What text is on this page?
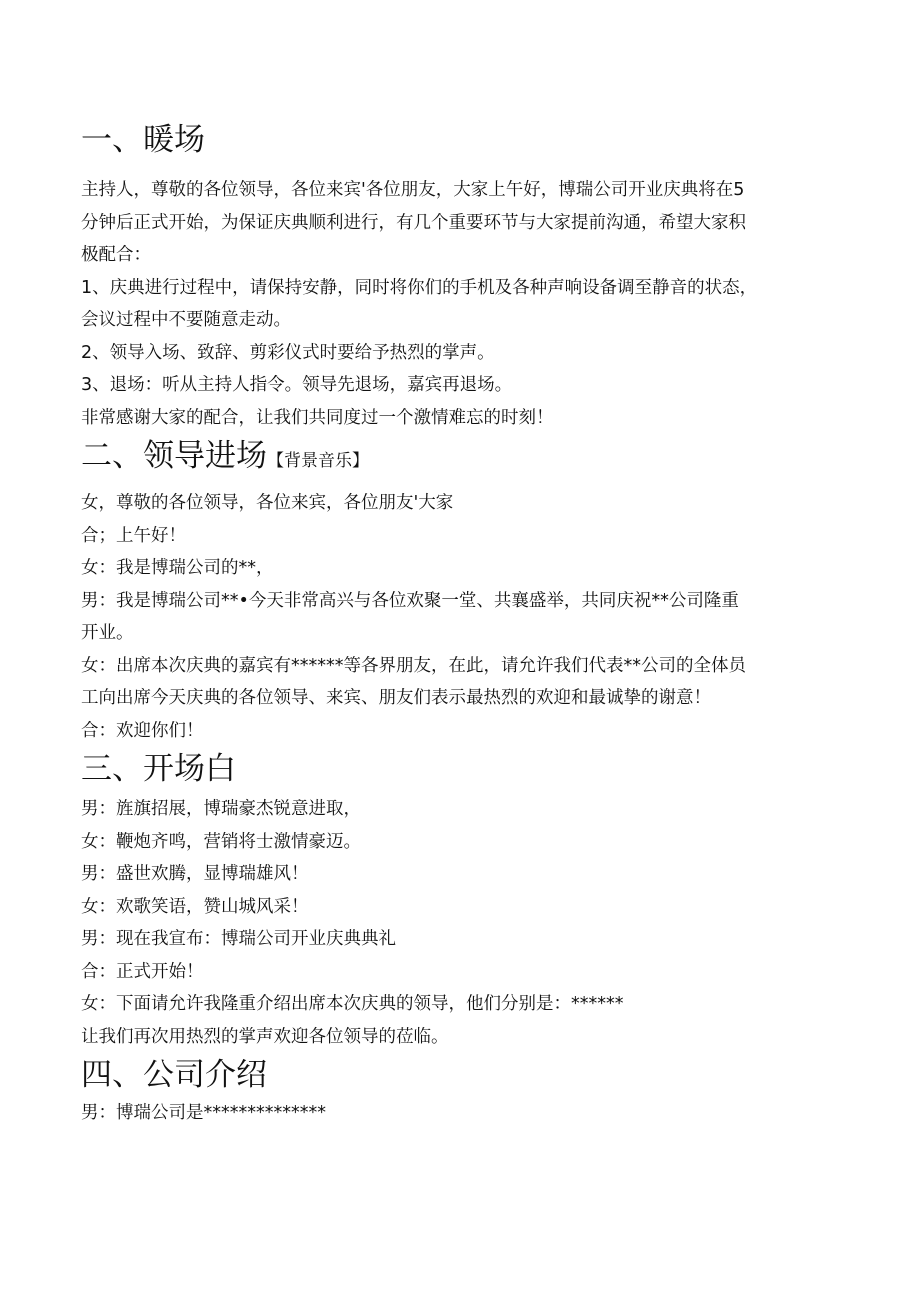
一、暖场

主持人，尊敬的各位领导，各位来宾'各位朋友，大家上午好，博瑞公司开业庆典将在5

分钟后正式开始，为保证庆典顺利进行，有几个重要环节与大家提前沟通，希望大家积

极配合：

1、庆典进行过程中，请保持安静，同时将你们的手机及各种声响设备调至静音的状态，

会议过程中不要随意走动。

2、领导入场、致辞、剪彩仪式时要给予热烈的掌声。

3、退场：听从主持人指令。领导先退场，嘉宾再退场。

非常感谢大家的配合，让我们共同度过一个激情难忘的时刻！

二、领导进场【背景音乐】

女，尊敬的各位领导，各位来宾，各位朋友'大家

合；上午好！

女：我是博瑞公司的**，

男：我是博瑞公司**•今天非常高兴与各位欢聚一堂、共襄盛举，共同庆祝**公司隆重

开业。

女：出席本次庆典的嘉宾有******等各界朋友，在此，请允许我们代表**公司的全体员

工向出席今天庆典的各位领导、来宾、朋友们表示最热烈的欢迎和最诚挚的谢意！

合：欢迎你们！

三、开场白

男：旌旗招展，博瑞豪杰锐意进取，

女：鞭炮齐鸣，营销将士激情豪迈。

男：盛世欢腾，显博瑞雄风！

女：欢歌笑语，赞山城风采！

男：现在我宣布：博瑞公司开业庆典典礼

合：正式开始！

女：下面请允许我隆重介绍出席本次庆典的领导，他们分别是：******

让我们再次用热烈的掌声欢迎各位领导的莅临。

四、公司介绍

男：博瑞公司是**************
